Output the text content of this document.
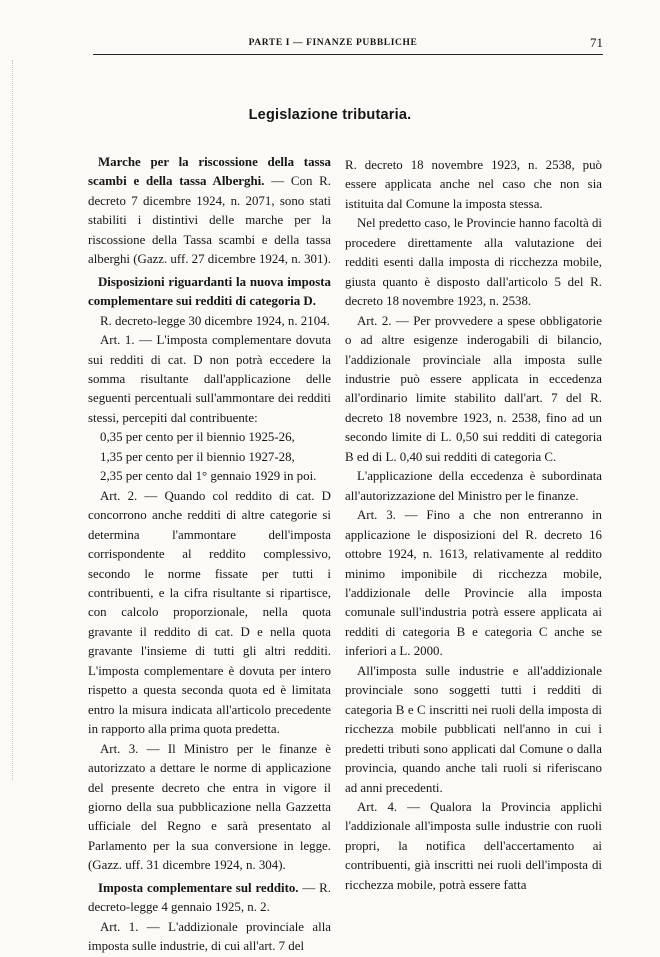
PARTE I — FINANZE PUBBLICHE	71
Legislazione tributaria.

Marche per la riscossione della tassa scambi e della tassa Alberghi. — Con R. decreto 7 dicembre 1924, n. 2071, sono stati stabiliti i distintivi delle marche per la riscossione della Tassa scambi e della tassa alberghi (Gazz. uff. 27 dicembre 1924, n. 301).

Disposizioni riguardanti la nuova imposta complementare sui redditi di categoria D.

R. decreto-legge 30 dicembre 1924, n. 2104.

Art. 1. — L'imposta complementare dovuta sui redditi di cat. D non potrà eccedere la somma risultante dall'applicazione delle seguenti percentuali sull'ammontare dei redditi stessi, percepiti dal contribuente:

0,35 per cento per il biennio 1925-26,

1,35 per cento per il biennio 1927-28,

2,35 per cento dal 1° gennaio 1929 in poi.

Art. 2. — Quando col reddito di cat. D concorrono anche redditi di altre categorie si determina l'ammontare dell'imposta corrispondente al reddito complessivo, secondo le norme fissate per tutti i contribuenti, e la cifra risultante si ripartisce, con calcolo proporzionale, nella quota gravante il reddito di cat. D e nella quota gravante l'insieme di tutti gli altri redditi. L'imposta complementare è dovuta per intero rispetto a questa seconda quota ed è limitata entro la misura indicata all'articolo precedente in rapporto alla prima quota predetta.

Art. 3. — Il Ministro per le finanze è autorizzato a dettare le norme di applicazione del presente decreto che entra in vigore il giorno della sua pubblicazione nella Gazzetta ufficiale del Regno e sarà presentato al Parlamento per la sua conversione in legge. (Gazz. uff. 31 dicembre 1924, n. 304).

Imposta complementare sul reddito. — R. decreto-legge 4 gennaio 1925, n. 2.

Art. 1. — L'addizionale provinciale alla imposta sulle industrie, di cui all'art. 7 del

R. decreto 18 novembre 1923, n. 2538, può essere applicata anche nel caso che non sia istituita dal Comune la imposta stessa.

Nel predetto caso, le Provincie hanno facoltà di procedere direttamente alla valutazione dei redditi esenti dalla imposta di ricchezza mobile, giusta quanto è disposto dall'articolo 5 del R. decreto 18 novembre 1923, n. 2538.

Art. 2. — Per provvedere a spese obbligatorie o ad altre esigenze inderogabili di bilancio, l'addizionale provinciale alla imposta sulle industrie può essere applicata in eccedenza all'ordinario limite stabilito dall'art. 7 del R. decreto 18 novembre 1923, n. 2538, fino ad un secondo limite di L. 0,50 sui redditi di categoria B ed di L. 0,40 sui redditi di categoria C.

L'applicazione della eccedenza è subordinata all'autorizzazione del Ministro per le finanze.

Art. 3. — Fino a che non entreranno in applicazione le disposizioni del R. decreto 16 ottobre 1924, n. 1613, relativamente al reddito minimo imponibile di ricchezza mobile, l'addizionale delle Provincie alla imposta comunale sull'industria potrà essere applicata ai redditi di categoria B e categoria C anche se inferiori a L. 2000.

All'imposta sulle industrie e all'addizionale provinciale sono soggetti tutti i redditi di categoria B e C inscritti nei ruoli della imposta di ricchezza mobile pubblicati nell'anno in cui i predetti tributi sono applicati dal Comune o dalla provincia, quando anche tali ruoli si riferiscano ad anni precedenti.

Art. 4. — Qualora la Provincia applichi l'addizionale all'imposta sulle industrie con ruoli propri, la notifica dell'accertamento ai contribuenti, già inscritti nei ruoli dell'imposta di ricchezza mobile, potrà essere fatta
